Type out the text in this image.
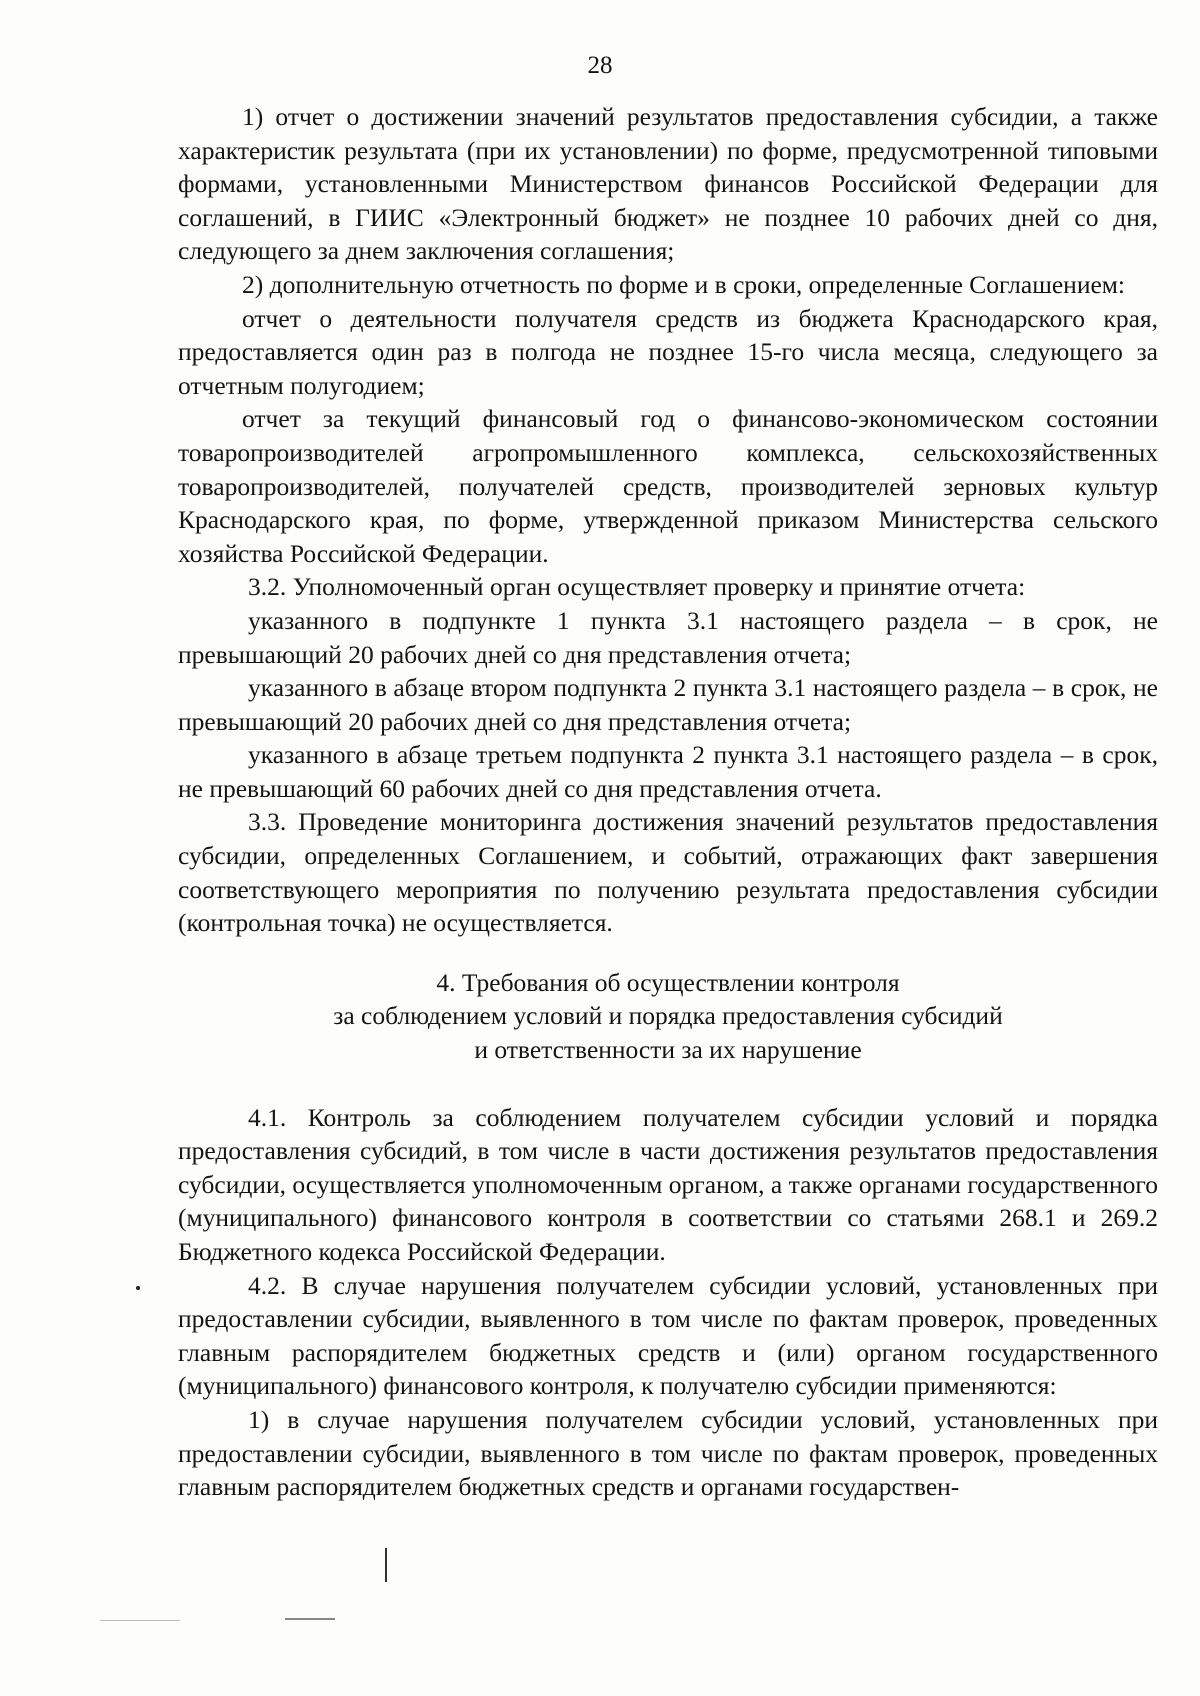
28

1) отчет о достижении значений результатов предоставления субсидии, а также характеристик результата (при их установлении) по форме, предусмотренной типовыми формами, установленными Министерством финансов Российской Федерации для соглашений, в ГИИС «Электронный бюджет» не позднее 10 рабочих дней со дня, следующего за днем заключения соглашения;

2) дополнительную отчетность по форме и в сроки, определенные Соглашением:

отчет о деятельности получателя средств из бюджета Краснодарского края, предоставляется один раз в полгода не позднее 15-го числа месяца, следующего за отчетным полугодием;

отчет за текущий финансовый год о финансово-экономическом состоянии товаропроизводителей агропромышленного комплекса, сельскохозяйственных товаропроизводителей, получателей средств, производителей зерновых культур Краснодарского края, по форме, утвержденной приказом Министерства сельского хозяйства Российской Федерации.

3.2. Уполномоченный орган осуществляет проверку и принятие отчета:

указанного в подпункте 1 пункта 3.1 настоящего раздела – в срок, не превышающий 20 рабочих дней со дня представления отчета;

указанного в абзаце втором подпункта 2 пункта 3.1 настоящего раздела – в срок, не превышающий 20 рабочих дней со дня представления отчета;

указанного в абзаце третьем подпункта 2 пункта 3.1 настоящего раздела – в срок, не превышающий 60 рабочих дней со дня представления отчета.

3.3. Проведение мониторинга достижения значений результатов предоставления субсидии, определенных Соглашением, и событий, отражающих факт завершения соответствующего мероприятия по получению результата предоставления субсидии (контрольная точка) не осуществляется.

4. Требования об осуществлении контроля
за соблюдением условий и порядка предоставления субсидий
и ответственности за их нарушение

4.1. Контроль за соблюдением получателем субсидии условий и порядка предоставления субсидий, в том числе в части достижения результатов предоставления субсидии, осуществляется уполномоченным органом, а также органами государственного (муниципального) финансового контроля в соответствии со статьями 268.1 и 269.2 Бюджетного кодекса Российской Федерации.

4.2. В случае нарушения получателем субсидии условий, установленных при предоставлении субсидии, выявленного в том числе по фактам проверок, проведенных главным распорядителем бюджетных средств и (или) органом государственного (муниципального) финансового контроля, к получателю субсидии применяются:

1) в случае нарушения получателем субсидии условий, установленных при предоставлении субсидии, выявленного в том числе по фактам проверок, проведенных главным распорядителем бюджетных средств и органами государствен-
